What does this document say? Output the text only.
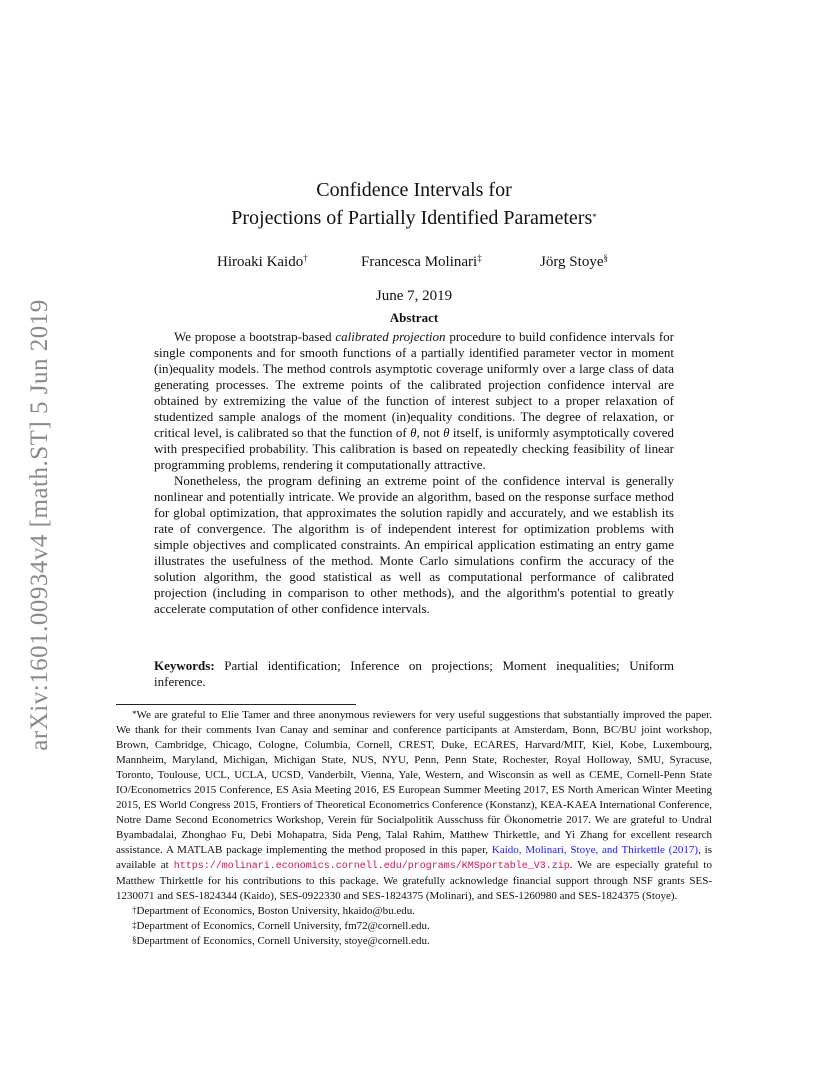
arXiv:1601.00934v4 [math.ST] 5 Jun 2019
Confidence Intervals for
Projections of Partially Identified Parameters*
Hiroaki Kaido†	Francesca Molinari‡	Jörg Stoye§
June 7, 2019
Abstract

We propose a bootstrap-based calibrated projection procedure to build confidence intervals for single components and for smooth functions of a partially identified parameter vector in moment (in)equality models. The method controls asymptotic coverage uniformly over a large class of data generating processes. The extreme points of the calibrated projection confidence interval are obtained by extremizing the value of the function of interest subject to a proper relaxation of studentized sample analogs of the moment (in)equality conditions. The degree of relaxation, or critical level, is calibrated so that the function of θ, not θ itself, is uniformly asymptotically covered with prespecified probability. This calibration is based on repeatedly checking feasibility of linear programming problems, rendering it computationally attractive.

Nonetheless, the program defining an extreme point of the confidence interval is generally nonlinear and potentially intricate. We provide an algorithm, based on the response surface method for global optimization, that approximates the solution rapidly and accurately, and we establish its rate of convergence. The algorithm is of independent interest for optimization problems with simple objectives and complicated constraints. An empirical application estimating an entry game illustrates the usefulness of the method. Monte Carlo simulations confirm the accuracy of the solution algorithm, the good statistical as well as computational performance of calibrated projection (including in comparison to other methods), and the algorithm's potential to greatly accelerate computation of other confidence intervals.

Keywords: Partial identification; Inference on projections; Moment inequalities; Uniform inference.

*We are grateful to Elie Tamer and three anonymous reviewers for very useful suggestions that substantially improved the paper. We thank for their comments Ivan Canay and seminar and conference participants at Amsterdam, Bonn, BC/BU joint workshop, Brown, Cambridge, Chicago, Cologne, Columbia, Cornell, CREST, Duke, ECARES, Harvard/MIT, Kiel, Kobe, Luxembourg, Mannheim, Maryland, Michigan, Michigan State, NUS, NYU, Penn, Penn State, Rochester, Royal Holloway, SMU, Syracuse, Toronto, Toulouse, UCL, UCLA, UCSD, Vanderbilt, Vienna, Yale, Western, and Wisconsin as well as CEME, Cornell-Penn State IO/Econometrics 2015 Conference, ES Asia Meeting 2016, ES European Summer Meeting 2017, ES North American Winter Meeting 2015, ES World Congress 2015, Frontiers of Theoretical Econometrics Conference (Konstanz), KEA-KAEA International Conference, Notre Dame Second Econometrics Workshop, Verein für Socialpolitik Ausschuss für Ökonometrie 2017. We are grateful to Undral Byambadalai, Zhonghao Fu, Debi Mohapatra, Sida Peng, Talal Rahim, Matthew Thirkettle, and Yi Zhang for excellent research assistance. A MATLAB package implementing the method proposed in this paper, Kaido, Molinari, Stoye, and Thirkettle (2017), is available at https://molinari.economics.cornell.edu/programs/KMSportable_V3.zip. We are especially grateful to Matthew Thirkettle for his contributions to this package. We gratefully acknowledge financial support through NSF grants SES-1230071 and SES-1824344 (Kaido), SES-0922330 and SES-1824375 (Molinari), and SES-1260980 and SES-1824375 (Stoye).

†Department of Economics, Boston University, hkaido@bu.edu.

‡Department of Economics, Cornell University, fm72@cornell.edu.

§Department of Economics, Cornell University, stoye@cornell.edu.
